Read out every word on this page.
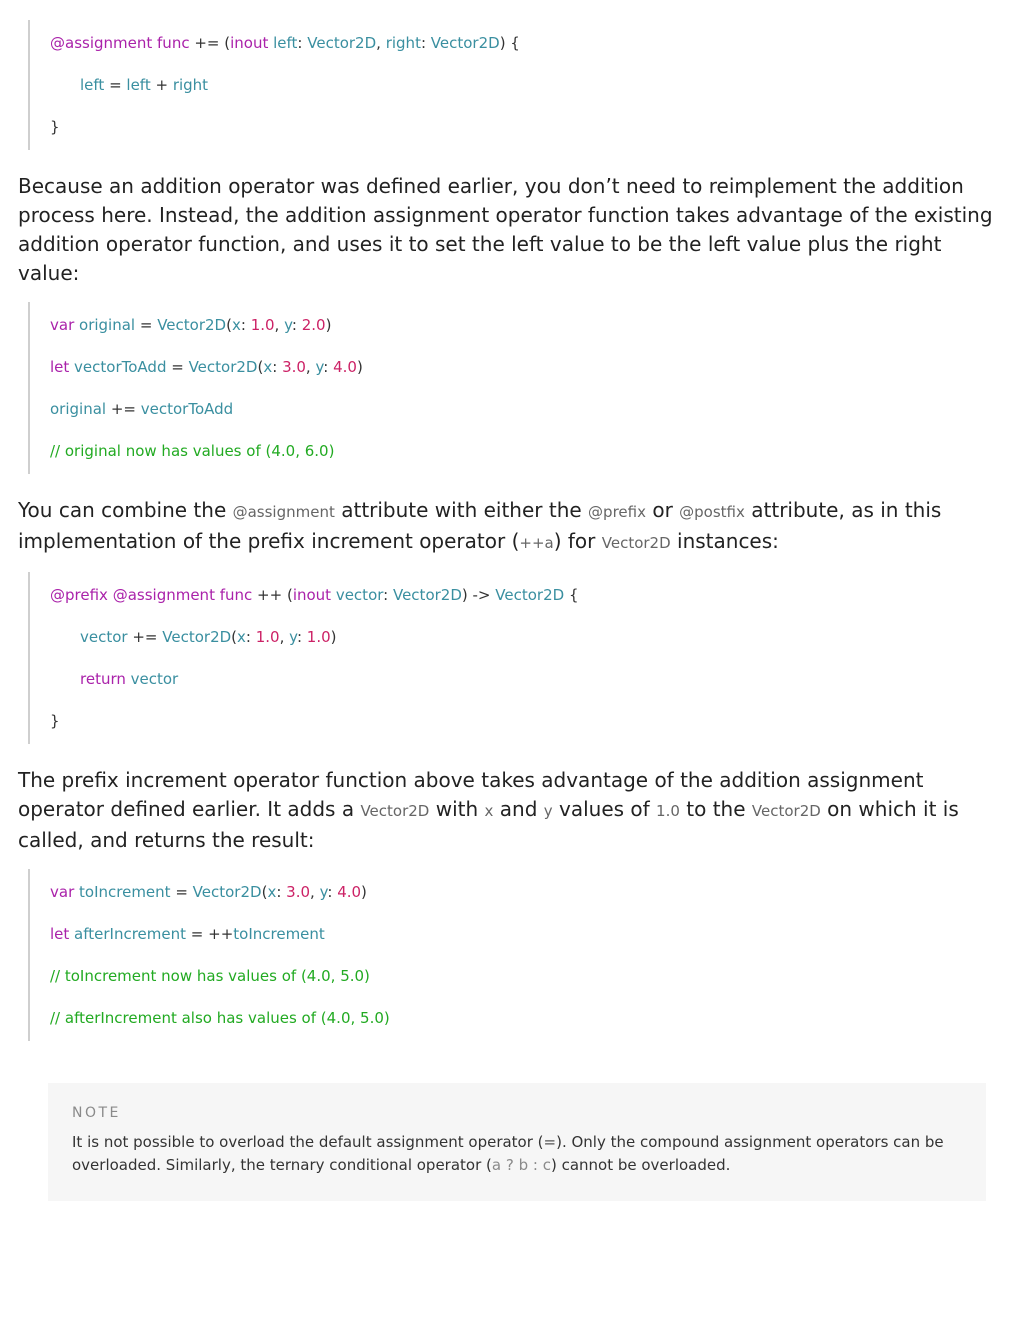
@assignment func += (inout left: Vector2D, right: Vector2D) {
left = left + right
}

Because an addition operator was defined earlier, you don’t need to reimplement the addition process here. Instead, the addition assignment operator function takes advantage of the existing addition operator function, and uses it to set the left value to be the left value plus the right value:

var original = Vector2D(x: 1.0, y: 2.0)
let vectorToAdd = Vector2D(x: 3.0, y: 4.0)
original += vectorToAdd
// original now has values of (4.0, 6.0)

You can combine the @assignment attribute with either the @prefix or @postfix attribute, as in this implementation of the prefix increment operator (++a) for Vector2D instances:

@prefix @assignment func ++ (inout vector: Vector2D) -> Vector2D {
vector += Vector2D(x: 1.0, y: 1.0)
return vector
}

The prefix increment operator function above takes advantage of the addition assignment operator defined earlier. It adds a Vector2D with x and y values of 1.0 to the Vector2D on which it is called, and returns the result:

var toIncrement = Vector2D(x: 3.0, y: 4.0)
let afterIncrement = ++toIncrement
// toIncrement now has values of (4.0, 5.0)
// afterIncrement also has values of (4.0, 5.0)
NOTE
It is not possible to overload the default assignment operator (=). Only the compound assignment operators can be overloaded. Similarly, the ternary conditional operator (a ? b : c) cannot be overloaded.
